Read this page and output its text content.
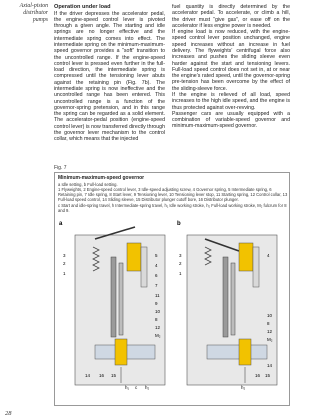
Axial-piston
distributor
pumps
Operation under load

If the driver depresses the accelerator pedal, the engine-speed control lever is pivoted through a given angle. The starting and idle springs are no longer effective and the intermediate spring comes into effect. The intermediate spring on the minimum-maximum-speed governor provides a “soft” transition to the uncontrolled range. If the engine-speed control lever is pressed even further in the full-load direction, the intermediate spring is compressed until the tensioning lever abuts against the retaining pin (Fig. 7b). The intermediate spring is now ineffective and the uncontrolled range has been entered. This uncontrolled range is a function of the governor-spring pretension, and in this range the spring can be regarded as a solid element. The accelerator-pedal position (engine-speed control lever) is now transferred directly through the governor lever mechanism to the control collar, which means that the injected

fuel quantity is directly determined by the accelerator pedal. To accelerate, or climb a hill, the driver must “give gas”, or ease off on the accelerator if less engine power is needed.

If engine load is now reduced, with the engine-speed control lever position unchanged, engine speed increases without an increase in fuel delivery. The flyweights’ centrifugal force also increases and pushes the sliding sleeve even harder against the start and tensioning levers. Full-load speed control does not set in, at or near the engine’s rated speed, until the governor-spring pre-tension has been overcome by the effect of the sliding-sleeve force.

If the engine is relieved of all load, speed increases to the high idle speed, and the engine is thus protected against over-revving.

Passenger cars are usually equipped with a combination of variable-speed governor and minimum-maximum-speed governor.

Fig. 7
Minimum-maximum-speed governor
a Idle setting, b Full-load setting.
1 Flyweights, 2 Engine-speed control lever, 3 Idle-speed adjusting screw, 4 Governor spring, 5 Intermediate spring, 6 Retaining pin, 7 Idle spring, 8 Start lever, 9 Tensioning lever, 10 Tensioning lever stop, 11 Starting spring, 12 Control collar, 13 Full-load speed control, 14 Sliding sleeve, 15 Distributor plunger cutoff bore, 16 Distributor plunger.
c Start and idle-spring travel, h Intermediate-spring travel, h₁ Idle working stroke, h₂ Full-load working stroke, M₂ fulcrum for 8 and 9.
a
3
2
1
5
4
6
7
11
9
10
8
12
M₂
14 16 15
h₁ c h₂
b
3
2
1
4
10
8
12
M₂
14
16 15
h₂
28
